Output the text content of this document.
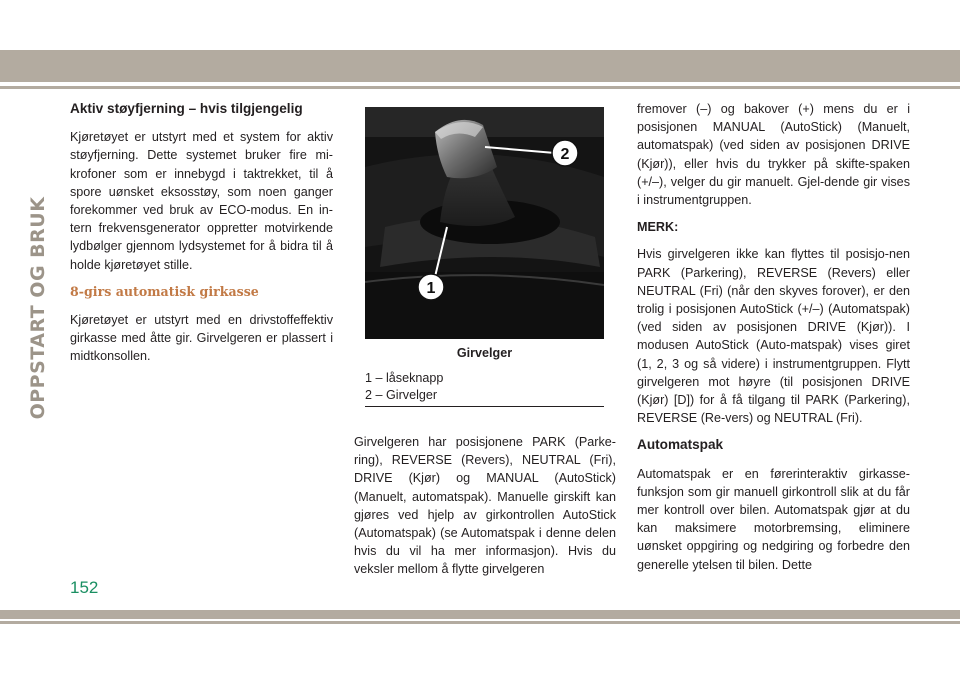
OPPSTART OG BRUK
Aktiv støyfjerning – hvis tilgjengelig

Kjøretøyet er utstyrt med et system for aktiv støyfjerning. Dette systemet bruker fire mi-krofoner som er innebygd i taktrekket, til å spore uønsket eksosstøy, som noen ganger forekommer ved bruk av ECO-modus. En in-tern frekvensgenerator oppretter motvirkende lydbølger gjennom lydsystemet for å bidra til å holde kjøretøyet stille.

8-girs automatisk girkasse

Kjøretøyet er utstyrt med en drivstoffeffektiv girkasse med åtte gir. Girvelgeren er plassert i midtkonsollen.

2
1
Girvelger
1 – låseknapp
2 – Girvelger

Girvelgeren har posisjonene PARK (Parke-ring), REVERSE (Revers), NEUTRAL (Fri), DRIVE (Kjør) og MANUAL (AutoStick) (Manuelt, automatspak). Manuelle girskift kan gjøres ved hjelp av girkontrollen AutoStick (Automatspak) (se Automatspak i denne delen hvis du vil ha mer informasjon). Hvis du veksler mellom å flytte girvelgeren

fremover (–) og bakover (+) mens du er i posisjonen MANUAL (AutoStick) (Manuelt, automatspak) (ved siden av posisjonen DRIVE (Kjør)), eller hvis du trykker på skifte-spaken (+/–), velger du gir manuelt. Gjel-dende gir vises i instrumentgruppen.

MERK:

Hvis girvelgeren ikke kan flyttes til posisjo-nen PARK (Parkering), REVERSE (Revers) eller NEUTRAL (Fri) (når den skyves forover), er den trolig i posisjonen AutoStick (+/–) (Automatspak) (ved siden av posisjonen DRIVE (Kjør)). I modusen AutoStick (Auto-matspak) vises giret (1, 2, 3 og så videre) i instrumentgruppen. Flytt girvelgeren mot høyre (til posisjonen DRIVE (Kjør) [D]) for å få tilgang til PARK (Parkering), REVERSE (Re-vers) og NEUTRAL (Fri).

Automatspak

Automatspak er en førerinteraktiv girkasse-funksjon som gir manuell girkontroll slik at du får mer kontroll over bilen. Automatspak gjør at du kan maksimere motorbremsing, eliminere uønsket oppgiring og nedgiring og forbedre den generelle ytelsen til bilen. Dette

152
